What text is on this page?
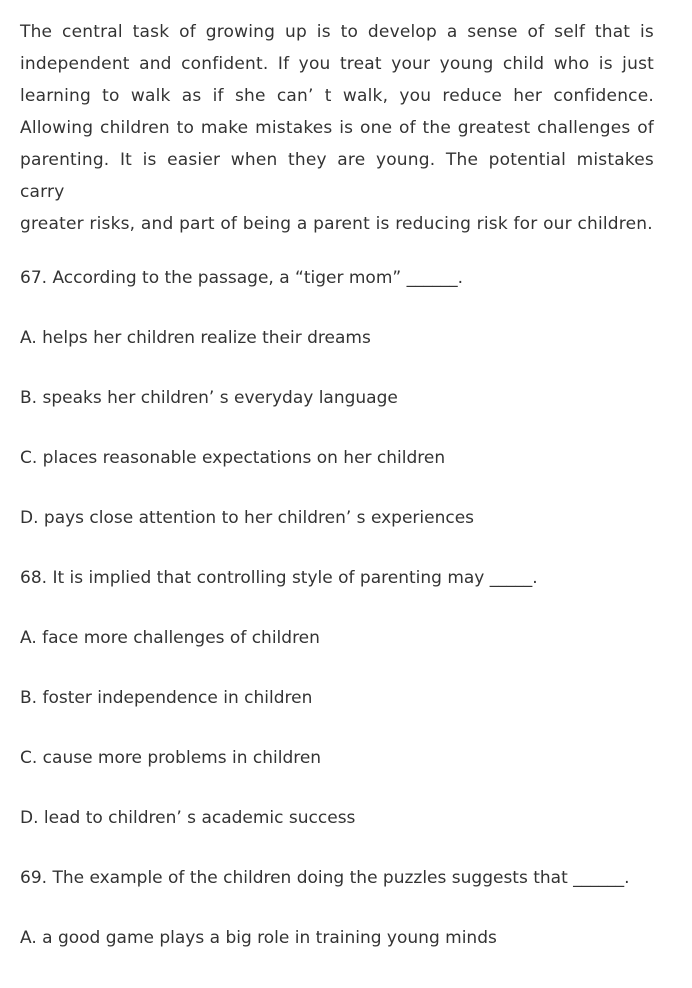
The central task of growing up is to develop a sense of self that is

independent and confident. If you treat your young child who is just

learning to walk as if she can’ t walk, you reduce her confidence.

Allowing children to make mistakes is one of the greatest challenges of

parenting. It is easier when they are young. The potential mistakes carry

greater risks, and part of being a parent is reducing risk for our children.

67. According to the passage, a “tiger mom” ______.
A. helps her children realize their dreams
B. speaks her children’ s everyday language
C. places reasonable expectations on her children
D. pays close attention to her children’ s experiences
68. It is implied that controlling style of parenting may _____.
A. face more challenges of children
B. foster independence in children
C. cause more problems in children
D. lead to children’ s academic success
69. The example of the children doing the puzzles suggests that ______.
A. a good game plays a big role in training young minds
